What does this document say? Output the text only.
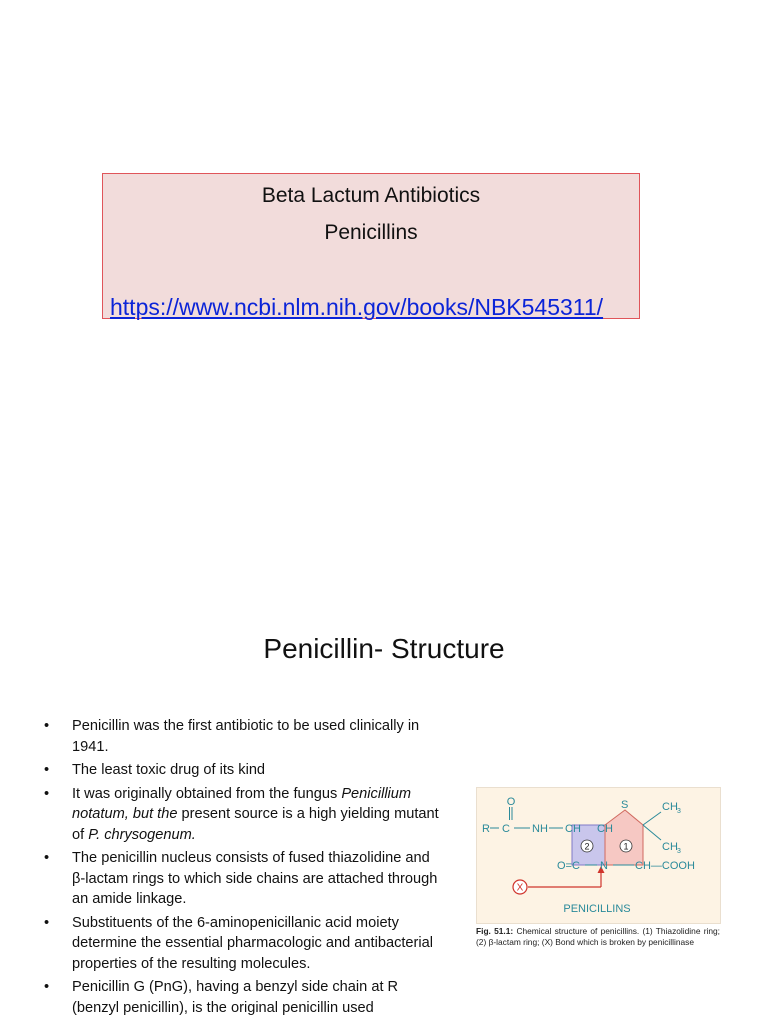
Beta Lactum Antibiotics
Penicillins
https://www.ncbi.nlm.nih.gov/books/NBK545311/
Penicillin- Structure
• Penicillin was the first antibiotic to be used clinically in 1941.
• The least toxic drug of its kind
• It was originally obtained from the fungus Penicillium notatum, but the present source is a high yielding mutant of P. chrysogenum.
• The penicillin nucleus consists of fused thiazolidine and β-lactam rings to which side chains are attached through an amide linkage.
• Substituents of the 6-aminopenicillanic acid moiety determine the essential pharmacologic and antibacterial properties of the resulting molecules.
• Penicillin G (PnG), having a benzyl side chain at R (benzyl penicillin), is the original penicillin used
2	1
X
O
R C NH CH CH
S	CH 3
CH 3
O=C N CH—COOH
PENICILLINS
Fig. 51.1: Chemical structure of penicillins. (1) Thiazolidine ring; (2) β-lactam ring; (X) Bond which is broken by penicillinase
